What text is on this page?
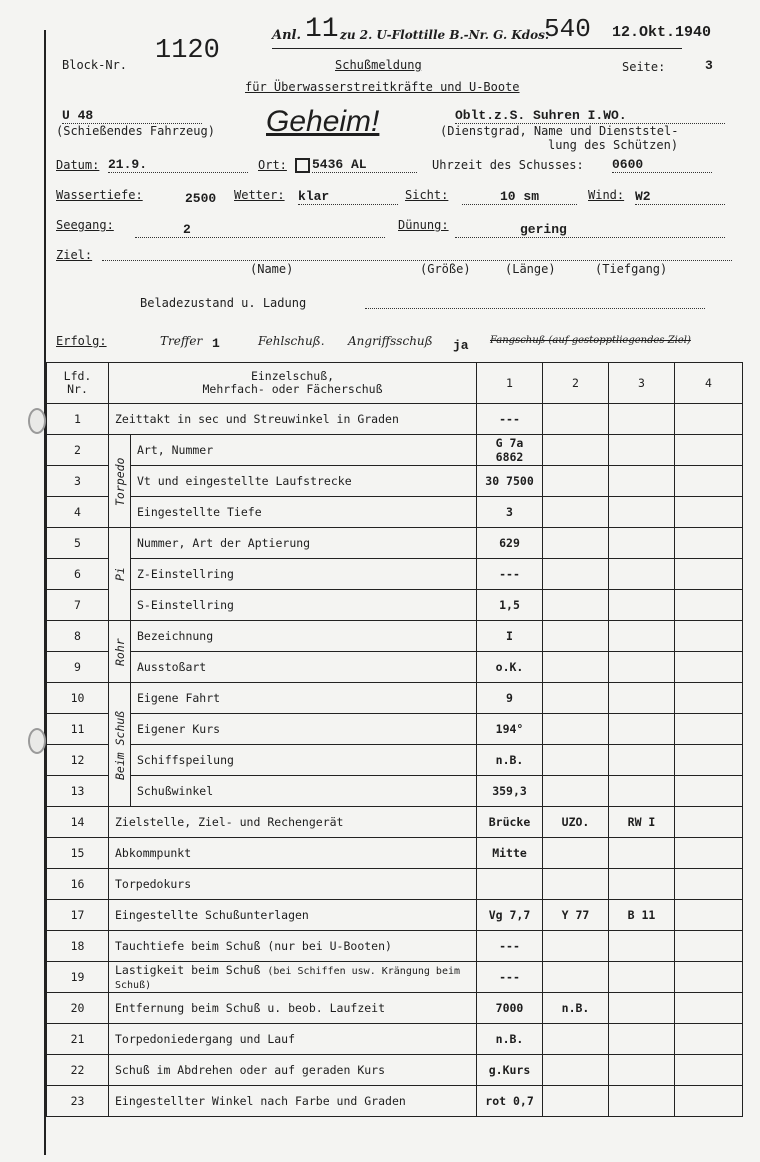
Block-Nr. 1120
Anl. 11 zu 2. U-Flottille B.-Nr. G. Kdos.
540 12.Okt.1940
Schußmeldung
für Überwasserstreitkräfte und U-Boote
Seite:	3
U 48
(Schießendes Fahrzeug) Geheim!	Oblt.z.S. Suhren I.WO.
(Dienstgrad, Name und Dienststel-
lung des Schützen)
Datum: 21.9.	Ort: 5436 AL	Uhrzeit des Schusses: 0600
Wassertiefe:	2500 Wetter: klar	Sicht:	10 sm	Wind: W2
Seegang:	2	Dünung:	gering
Ziel:
(Name)	(Größe)	(Länge)	(Tiefgang)
Beladezustand u. Ladung
Erfolg:	Treffer 1	Fehlschuß. Angriffsschuß ja Fangschuß (auf gestopptliegendes Ziel)
Lfd. Nr.	Einzelschuß,
Mehrfach- oder Fächerschuß		1	2	3	4
1	Zeittakt in sec und Streuwinkel in Graden		---			
2	Torpedo	Art, Nummer	G 7a 6862			
3		Vt und eingestellte Laufstrecke	30 7500			
4		Eingestellte Tiefe	3			
5	Pi	Nummer, Art der Aptierung	629			
6		Z-Einstellring	---			
7		S-Einstellring	1,5			
8	Rohr	Bezeichnung	I			
9		Ausstoßart	o.K.			
10	Beim Schuß	Eigene Fahrt	9			
11		Eigener Kurs	194°			
12		Schiffspeilung	n.B.			
13		Schußwinkel	359,3			
14	Zielstelle, Ziel- und Rechengerät		Brücke	UZO.	RW I	
15	Abkommpunkt		Mitte			
16	Torpedokurs					
17	Eingestellte Schußunterlagen		Vg 7,7	Y 77	B 11	
18	Tauchtiefe beim Schuß (nur bei U-Booten)		---			
19	Lastigkeit beim Schuß (bei Schiffen usw. Krängung beim Schuß)		---			
20	Entfernung beim Schuß u. beob. Laufzeit		7000	n.B.		
21	Torpedoniedergang und Lauf		n.B.			
22	Schuß im Abdrehen oder auf geraden Kurs		g.Kurs			
23	Eingestellter Winkel nach Farbe und Graden		rot 0,7			
